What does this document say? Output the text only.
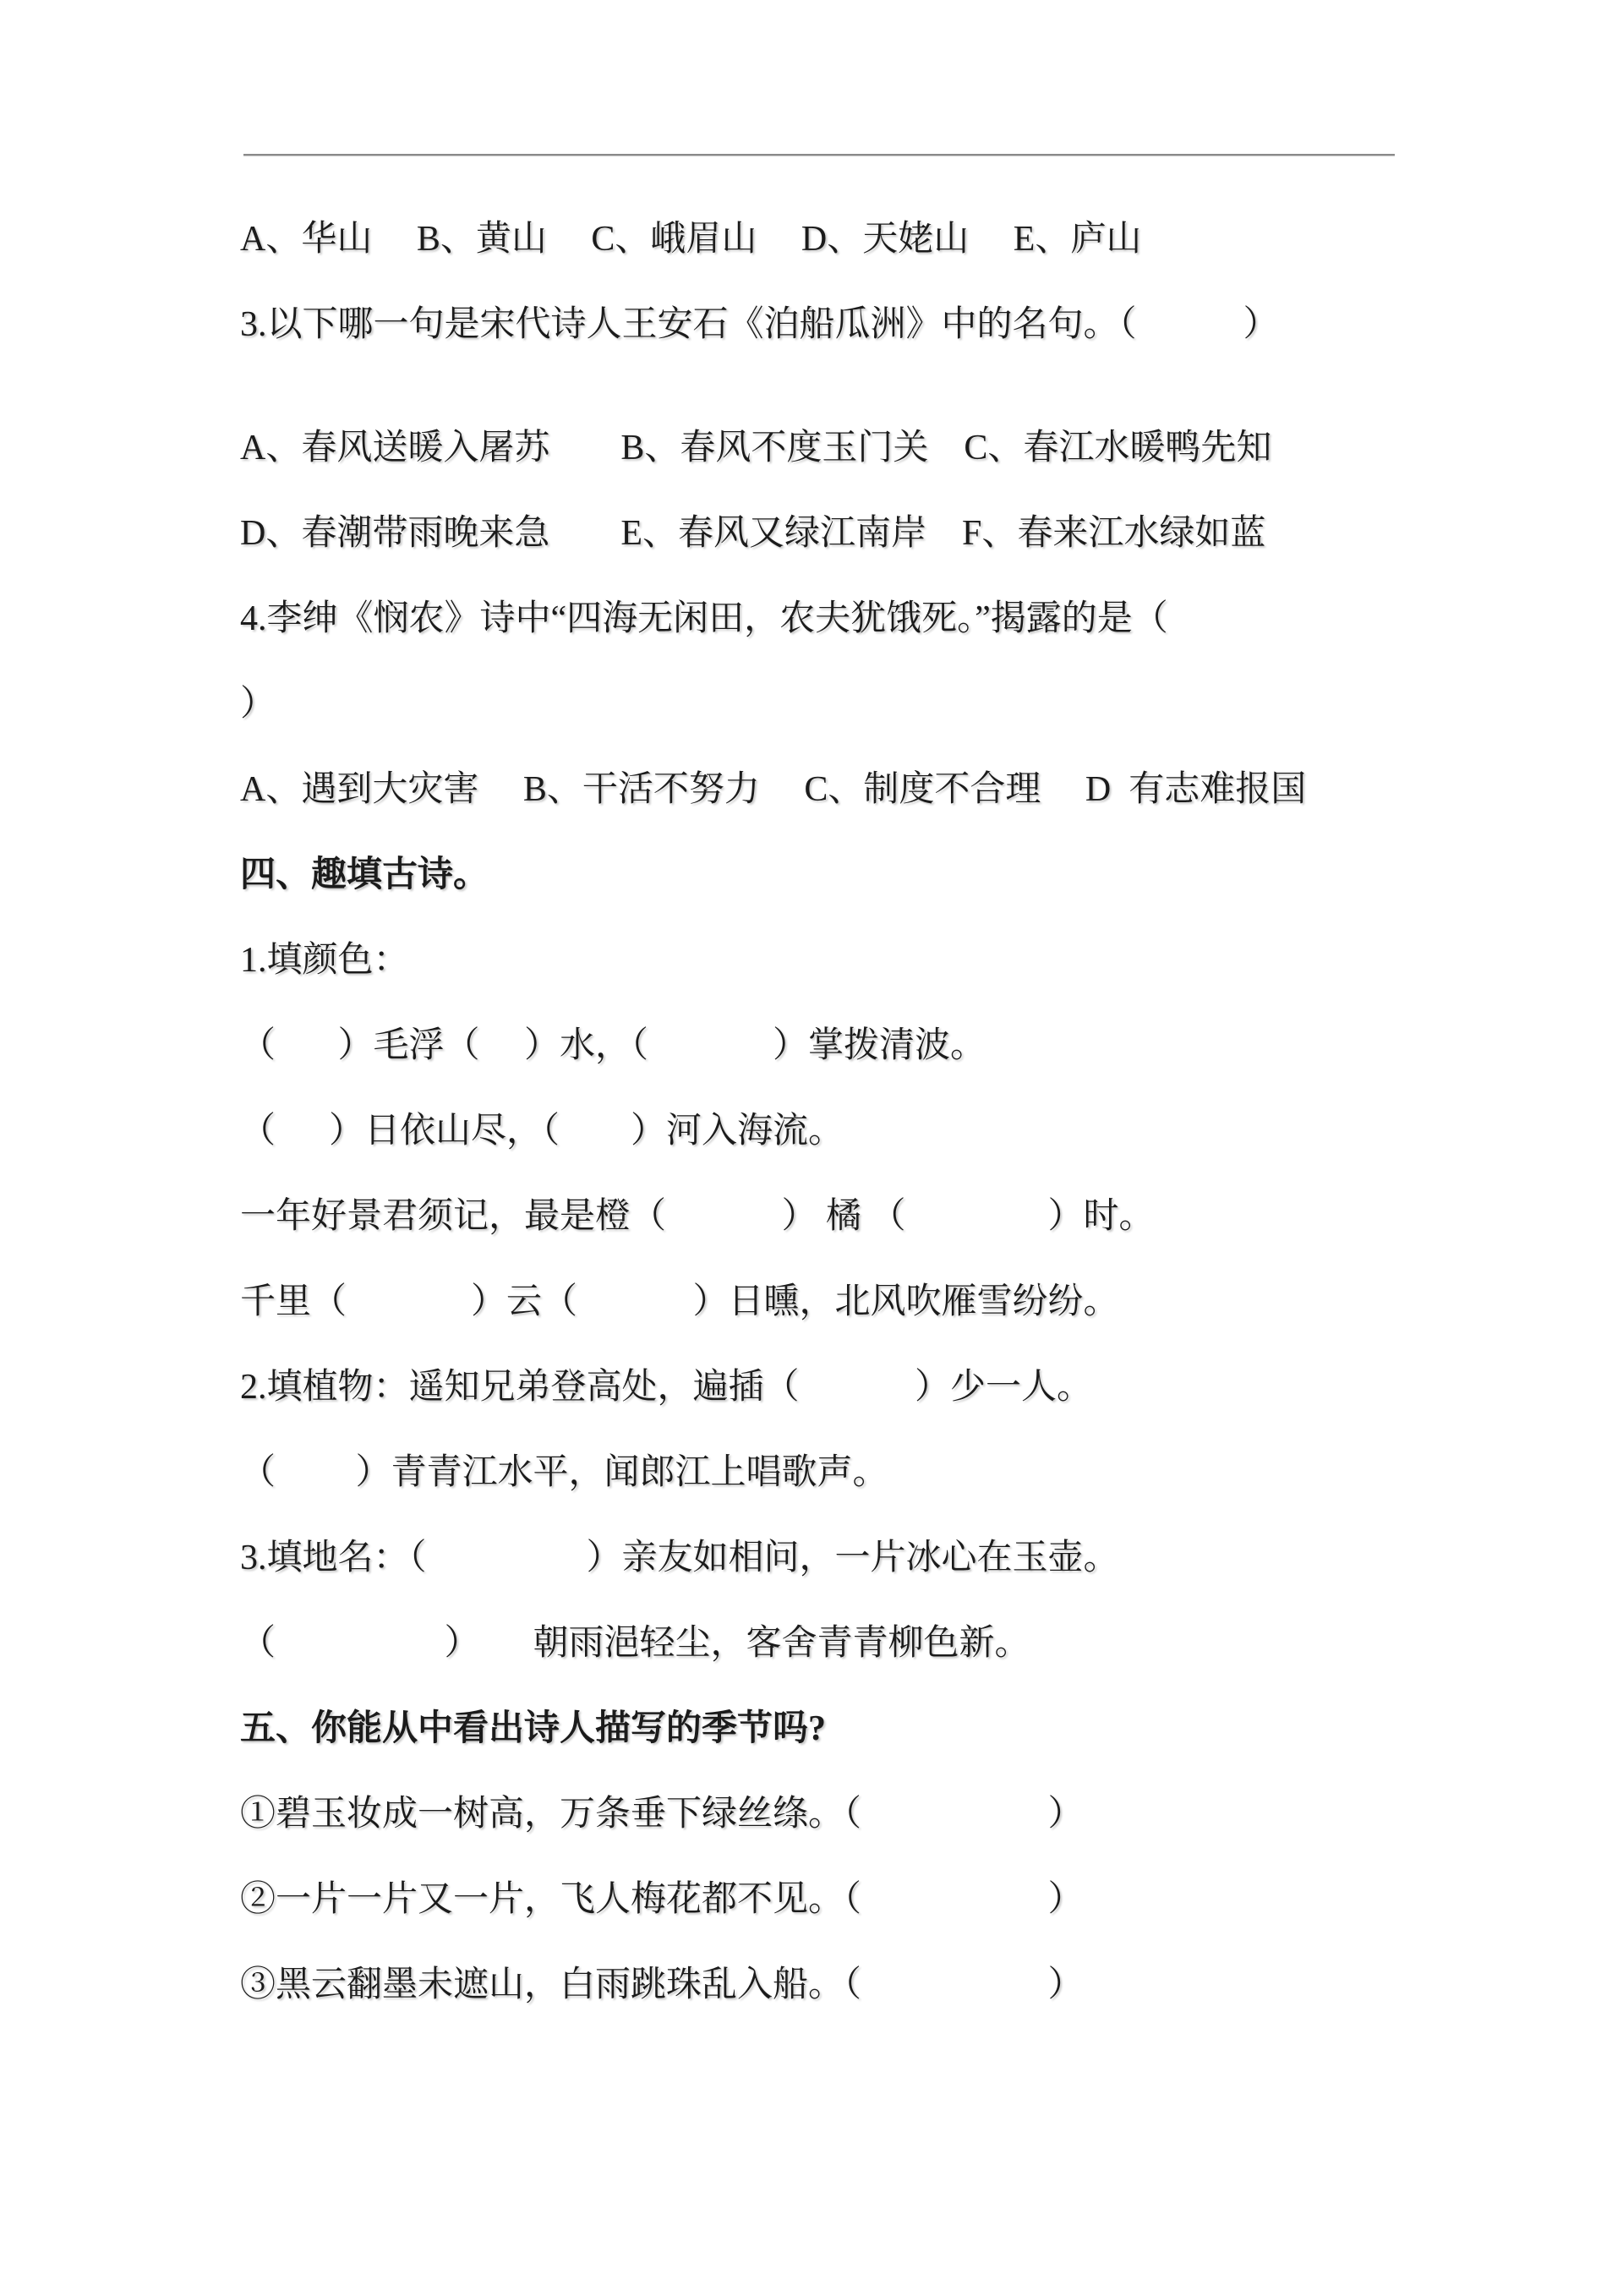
A、华山     B、黄山     C、峨眉山     D、天姥山     E、庐山

3.以下哪一句是宋代诗人王安石《泊船瓜洲》中的名句。（            ）

A、春风送暖入屠苏        B、春风不度玉门关    C、春江水暖鸭先知

D、春潮带雨晚来急        E、春风又绿江南岸    F、春来江水绿如蓝

4.李绅《悯农》诗中“四海无闲田，农夫犹饿死。”揭露的是（

）

A、遇到大灾害     B、干活不努力     C、制度不合理     D  有志难报国

四、趣填古诗。

1.填颜色：

（       ）毛浮（     ）水，（              ）掌拨清波。

（      ）日依山尽，（        ）河入海流。

一年好景君须记，最是橙（             ） 橘 （                ）时。

千里（              ）云（             ）日曛，北风吹雁雪纷纷。

2.填植物：遥知兄弟登高处，遍插（             ）少一人。

（         ）青青江水平，闻郎江上唱歌声。

3.填地名：（                  ）亲友如相问，一片冰心在玉壶。

（                   ）      朝雨浥轻尘，客舍青青柳色新。

五、你能从中看出诗人描写的季节吗?

①碧玉妆成一树高，万条垂下绿丝绦。（                     ）

②一片一片又一片，飞人梅花都不见。（                     ）

③黑云翻墨未遮山，白雨跳珠乱入船。（                     ）
